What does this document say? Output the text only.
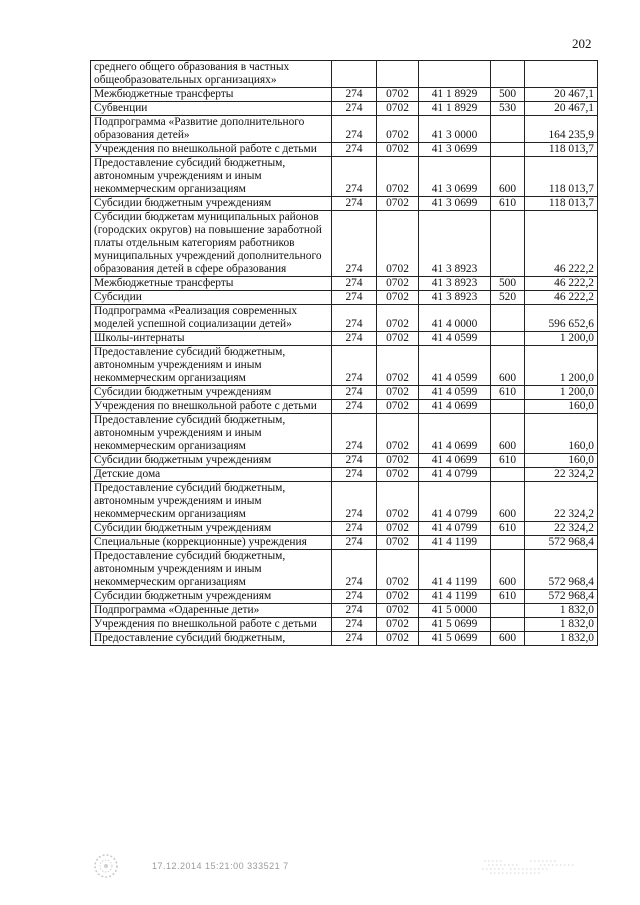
202
среднего общего образования в частных общеобразовательных организациях»					
Межбюджетные трансферты	274	0702	41 1 8929	500	20 467,1
Субвенции	274	0702	41 1 8929	530	20 467,1
Подпрограмма «Развитие дополнительного образования детей»	274	0702	41 3 0000		164 235,9
Учреждения по внешкольной работе с детьми	274	0702	41 3 0699		118 013,7
Предоставление субсидий бюджетным, автономным учреждениям и иным некоммерческим организациям	274	0702	41 3 0699	600	118 013,7
Субсидии бюджетным учреждениям	274	0702	41 3 0699	610	118 013,7
Субсидии бюджетам муниципальных районов (городских округов) на повышение заработной платы отдельным категориям работников муниципальных учреждений дополнительного образования детей в сфере образования	274	0702	41 3 8923		46 222,2
Межбюджетные трансферты	274	0702	41 3 8923	500	46 222,2
Субсидии	274	0702	41 3 8923	520	46 222,2
Подпрограмма «Реализация современных моделей успешной социализации детей»	274	0702	41 4 0000		596 652,6
Школы-интернаты	274	0702	41 4 0599		1 200,0
Предоставление субсидий бюджетным, автономным учреждениям и иным некоммерческим организациям	274	0702	41 4 0599	600	1 200,0
Субсидии бюджетным учреждениям	274	0702	41 4 0599	610	1 200,0
Учреждения по внешкольной работе с детьми	274	0702	41 4 0699		160,0
Предоставление субсидий бюджетным, автономным учреждениям и иным некоммерческим организациям	274	0702	41 4 0699	600	160,0
Субсидии бюджетным учреждениям	274	0702	41 4 0699	610	160,0
Детские дома	274	0702	41 4 0799		22 324,2
Предоставление субсидий бюджетным, автономным учреждениям и иным некоммерческим организациям	274	0702	41 4 0799	600	22 324,2
Субсидии бюджетным учреждениям	274	0702	41 4 0799	610	22 324,2
Специальные (коррекционные) учреждения	274	0702	41 4 1199		572 968,4
Предоставление субсидий бюджетным, автономным учреждениям и иным некоммерческим организациям	274	0702	41 4 1199	600	572 968,4
Субсидии бюджетным учреждениям	274	0702	41 4 1199	610	572 968,4
Подпрограмма «Одаренные дети»	274	0702	41 5 0000		1 832,0
Учреждения по внешкольной работе с детьми	274	0702	41 5 0699		1 832,0
Предоставление субсидий бюджетным,	274	0702	41 5 0699	600	1 832,0
17.12.2014 15:21:00 333521 7
